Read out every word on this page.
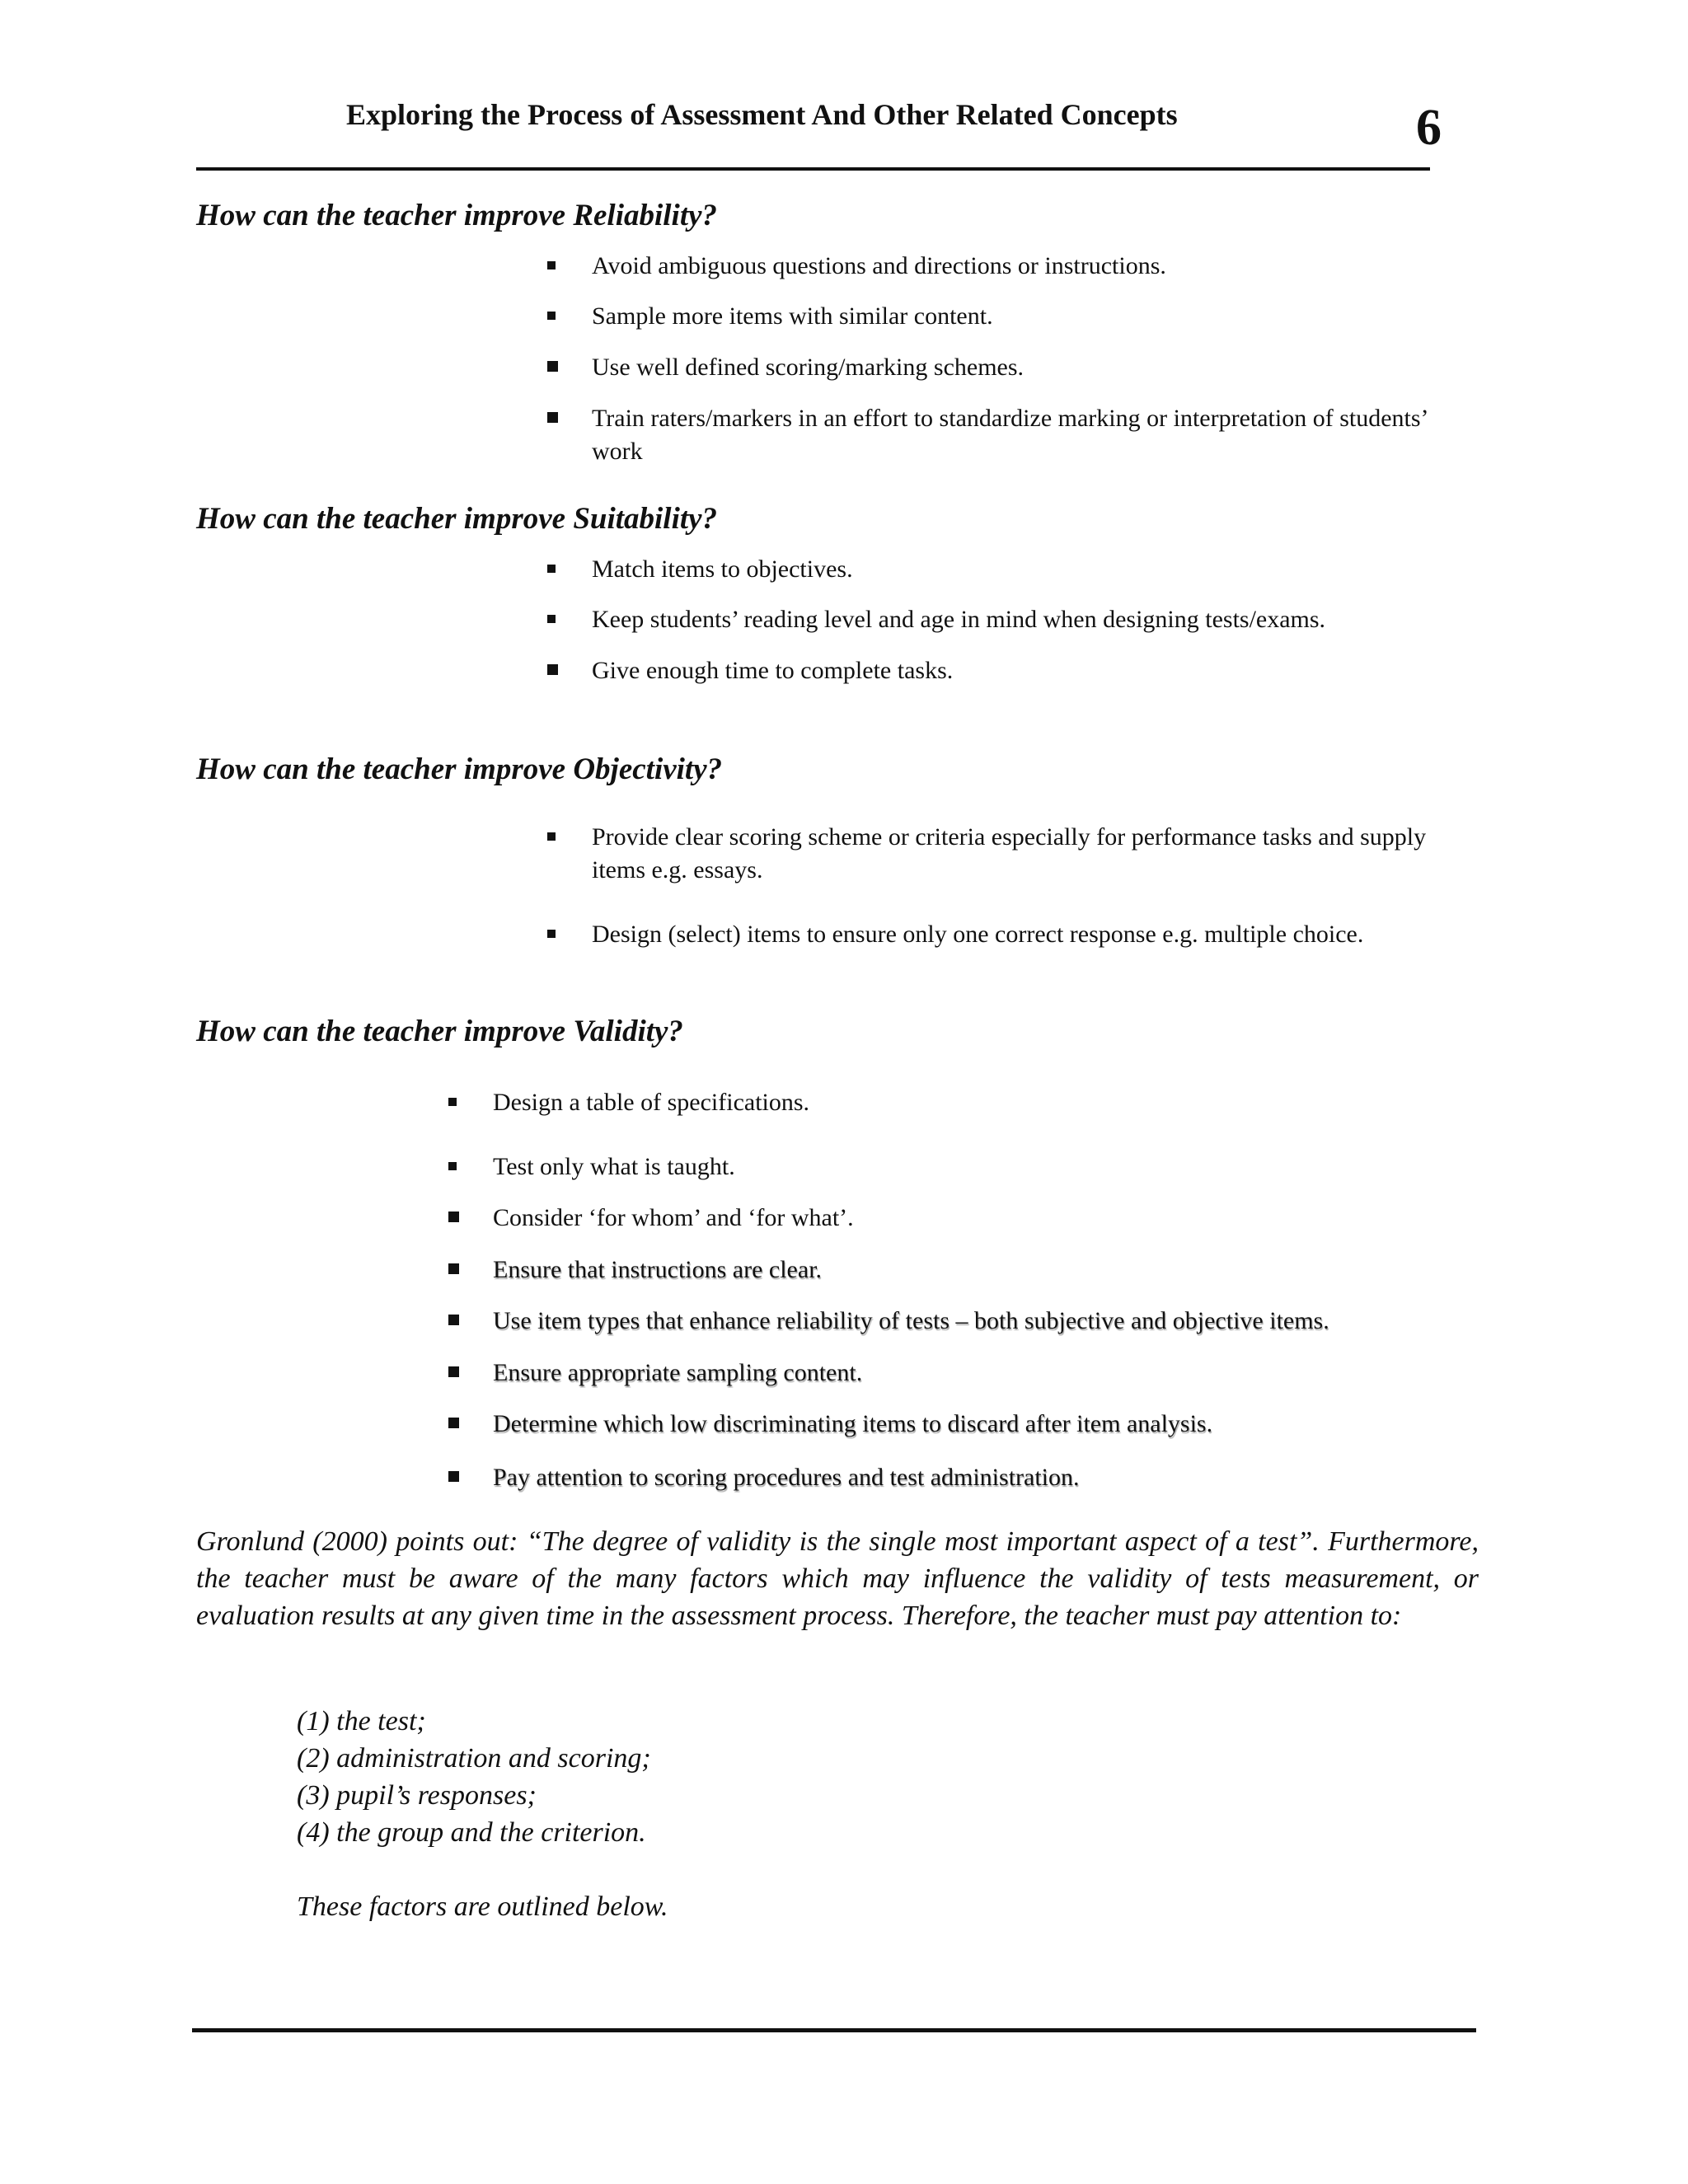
Exploring the Process of Assessment And Other Related Concepts	6
How can the teacher improve Reliability?
Avoid ambiguous questions and directions or instructions.
Sample more items with similar content.
Use well defined scoring/marking schemes.
Train raters/markers in an effort to standardize marking or interpretation of students’ work
How can the teacher improve Suitability?
Match items to objectives.
Keep students’ reading level and age in mind when designing tests/exams.
Give enough time to complete tasks.
How can the teacher improve Objectivity?
Provide clear scoring scheme or criteria especially for performance tasks and supply items e.g. essays.
Design (select) items to ensure only one correct response e.g. multiple choice.
How can the teacher improve Validity?
Design a table of specifications.
Test only what is taught.
Consider ‘for whom’ and ‘for what’.
Ensure that instructions are clear.
Use item types that enhance reliability of tests – both subjective and objective items.
Ensure appropriate sampling content.
Determine which low discriminating items to discard after item analysis.
Pay attention to scoring procedures and test administration.
Gronlund (2000) points out: “The degree of validity is the single most important aspect of a test”. Furthermore, the teacher must be aware of the many factors which may influence the validity of tests measurement, or evaluation results at any given time in the assessment process. Therefore, the teacher must pay attention to:
(1) the test;
(2) administration and scoring;
(3) pupil’s responses;
(4) the group and the criterion.
These factors are outlined below.
